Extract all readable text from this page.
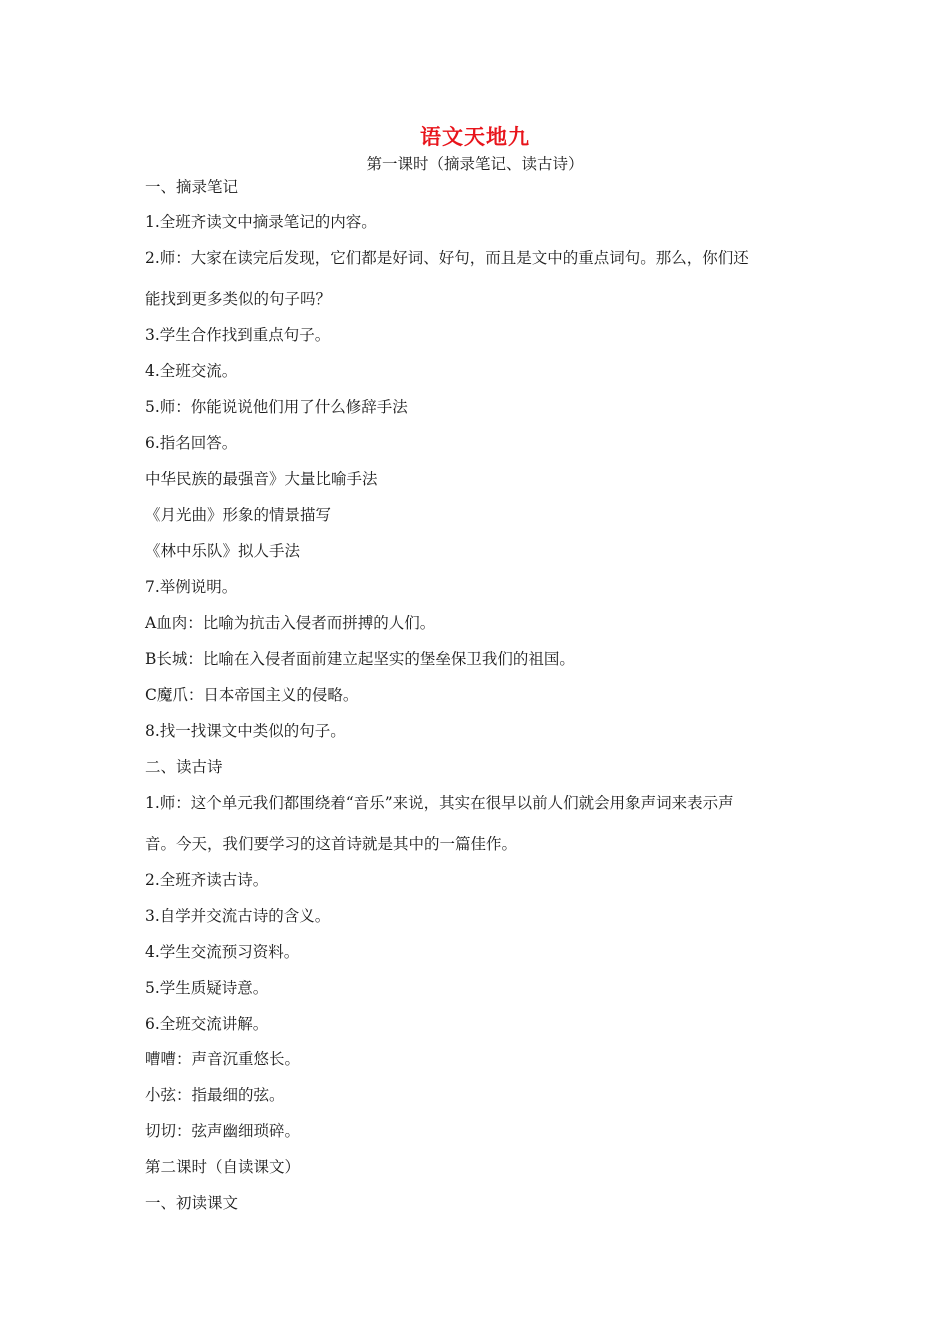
语文天地九
第一课时（摘录笔记、读古诗）
一、摘录笔记
1.全班齐读文中摘录笔记的内容。
2.师：大家在读完后发现，它们都是好词、好句，而且是文中的重点词句。那么，你们还
能找到更多类似的句子吗？
3.学生合作找到重点句子。
4.全班交流。
5.师：你能说说他们用了什么修辞手法
6.指名回答。
中华民族的最强音》大量比喻手法
《月光曲》形象的情景描写
《林中乐队》拟人手法
7.举例说明。
A血肉：比喻为抗击入侵者而拼搏的人们。
B长城：比喻在入侵者面前建立起坚实的堡垒保卫我们的祖国。
C魔爪：日本帝国主义的侵略。
8.找一找课文中类似的句子。
二、读古诗
1.师：这个单元我们都围绕着“音乐”来说，其实在很早以前人们就会用象声词来表示声
音。今天，我们要学习的这首诗就是其中的一篇佳作。
2.全班齐读古诗。
3.自学并交流古诗的含义。
4.学生交流预习资料。
5.学生质疑诗意。
6.全班交流讲解。
嘈嘈：声音沉重悠长。
小弦：指最细的弦。
切切：弦声幽细琐碎。
第二课时（自读课文）
一、初读课文
